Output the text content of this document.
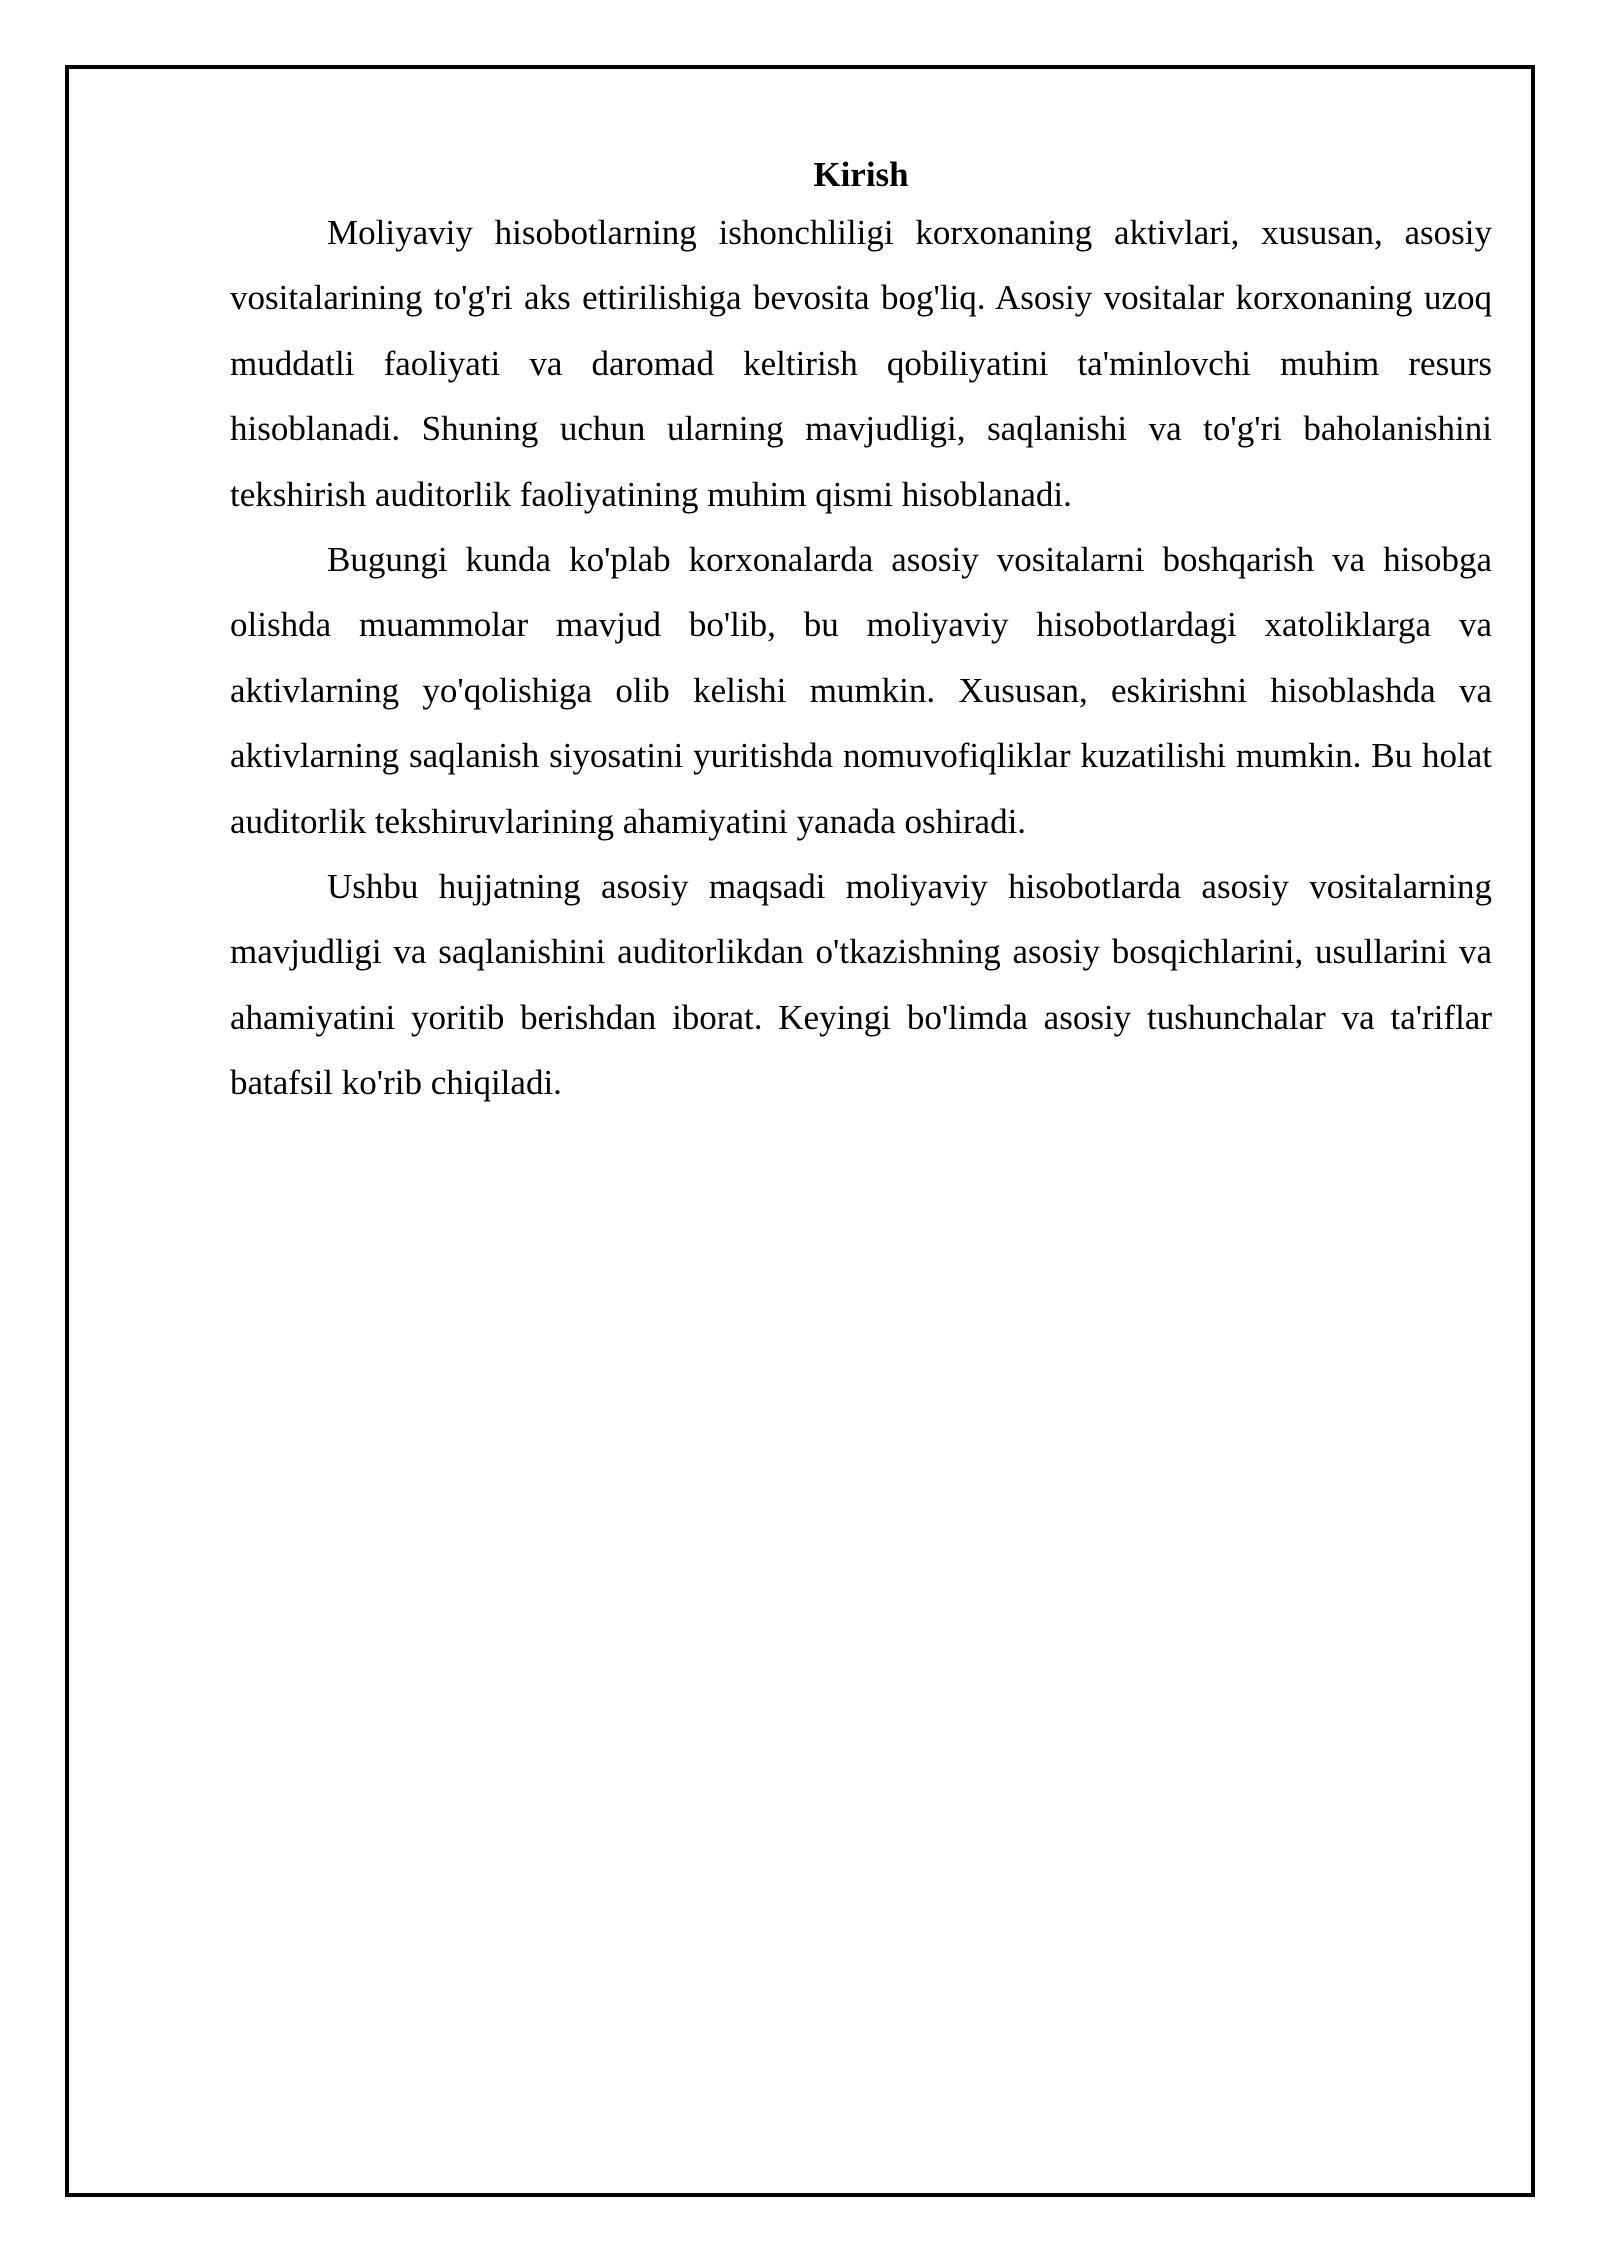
Kirish

Moliyaviy hisobotlarning ishonchliligi korxonaning aktivlari, xususan, asosiy vositalarining to'g'ri aks ettirilishiga bevosita bog'liq. Asosiy vositalar korxonaning uzoq muddatli faoliyati va daromad keltirish qobiliyatini ta'minlovchi muhim resurs hisoblanadi. Shuning uchun ularning mavjudligi, saqlanishi va to'g'ri baholanishini tekshirish auditorlik faoliyatining muhim qismi hisoblanadi.

Bugungi kunda ko'plab korxonalarda asosiy vositalarni boshqarish va hisobga olishda muammolar mavjud bo'lib, bu moliyaviy hisobotlardagi xatoliklarga va aktivlarning yo'qolishiga olib kelishi mumkin. Xususan, eskirishni hisoblashda va aktivlarning saqlanish siyosatini yuritishda nomuvofiqliklar kuzatilishi mumkin. Bu holat auditorlik tekshiruvlarining ahamiyatini yanada oshiradi.

Ushbu hujjatning asosiy maqsadi moliyaviy hisobotlarda asosiy vositalarning mavjudligi va saqlanishini auditorlikdan o'tkazishning asosiy bosqichlarini, usullarini va ahamiyatini yoritib berishdan iborat. Keyingi bo'limda asosiy tushunchalar va ta'riflar batafsil ko'rib chiqiladi.
